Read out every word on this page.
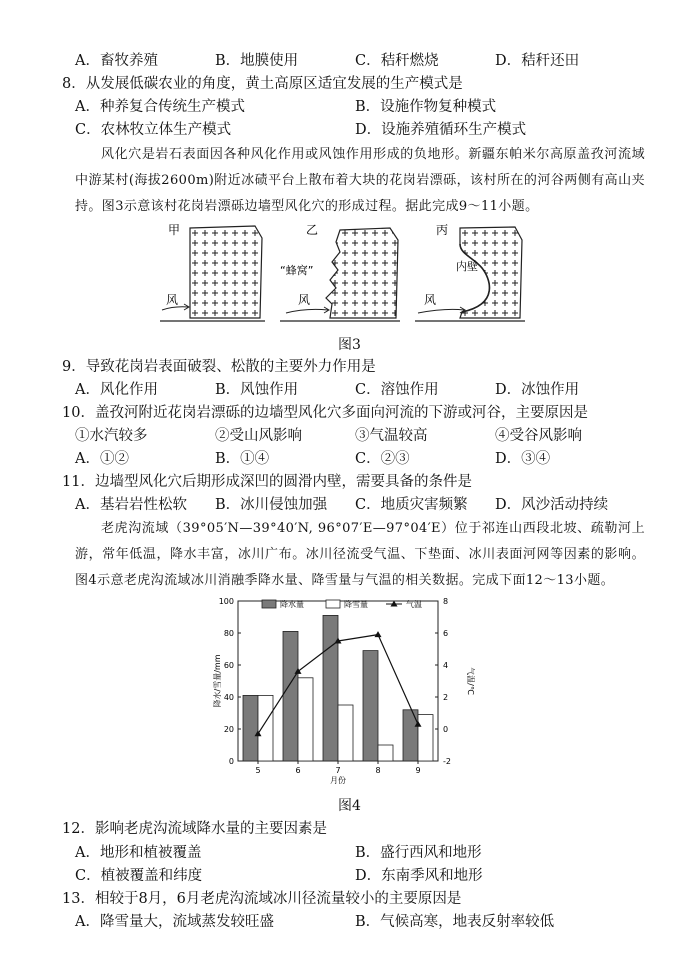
A．畜牧养殖	B．地膜使用	C．秸秆燃烧	D．秸秆还田
8．从发展低碳农业的角度，黄土高原区适宜发展的生产模式是
A．种养复合传统生产模式	B．设施作物复种模式
C．农林牧立体生产模式	D．设施养殖循环生产模式
风化穴是岩石表面因各种风化作用或风蚀作用形成的负地形。新疆东帕米尔高原盖孜河流域中游某村(海拔2600m)附近冰碛平台上散布着大块的花岗岩漂砾，该村所在的河谷两侧有高山夹持。图3示意该村花岗岩漂砾边墙型风化穴的形成过程。据此完成9～11小题。
甲
风
乙
“蜂窝”
风
丙
内壁
风
图3
9．导致花岗岩表面破裂、松散的主要外力作用是
A．风化作用	B．风蚀作用	C．溶蚀作用	D．冰蚀作用
10．盖孜河附近花岗岩漂砾的边墙型风化穴多面向河流的下游或河谷，主要原因是
①水汽较多	②受山风影响	③气温较高	④受谷风影响
A．①②	B．①④	C．②③	D．③④
11．边墙型风化穴后期形成深凹的圆滑内壁，需要具备的条件是
A．基岩岩性松软 B．冰川侵蚀加强 C．地质灾害频繁 D．风沙活动持续
老虎沟流域（39°05′N—39°40′N, 96°07′E—97°04′E）位于祁连山西段北坡、疏勒河上游，常年低温，降水丰富，冰川广布。冰川径流受气温、下垫面、冰川表面河网等因素的影响。图4示意老虎沟流域冰川消融季降水量、降雪量与气温的相关数据。完成下面12～13小题。
0
20
40
60
80
100
-2
0
2
4
6
8
5	6	7	8	9
月份
降水/雪量/mm	气温/℃
降水量	降雪量	气温
图4
12．影响老虎沟流域降水量的主要因素是
A．地形和植被覆盖	B．盛行西风和地形
C．植被覆盖和纬度	D．东南季风和地形
13．相较于8月，6月老虎沟流域冰川径流量较小的主要原因是
A．降雪量大，流域蒸发较旺盛	B．气候高寒，地表反射率较低
